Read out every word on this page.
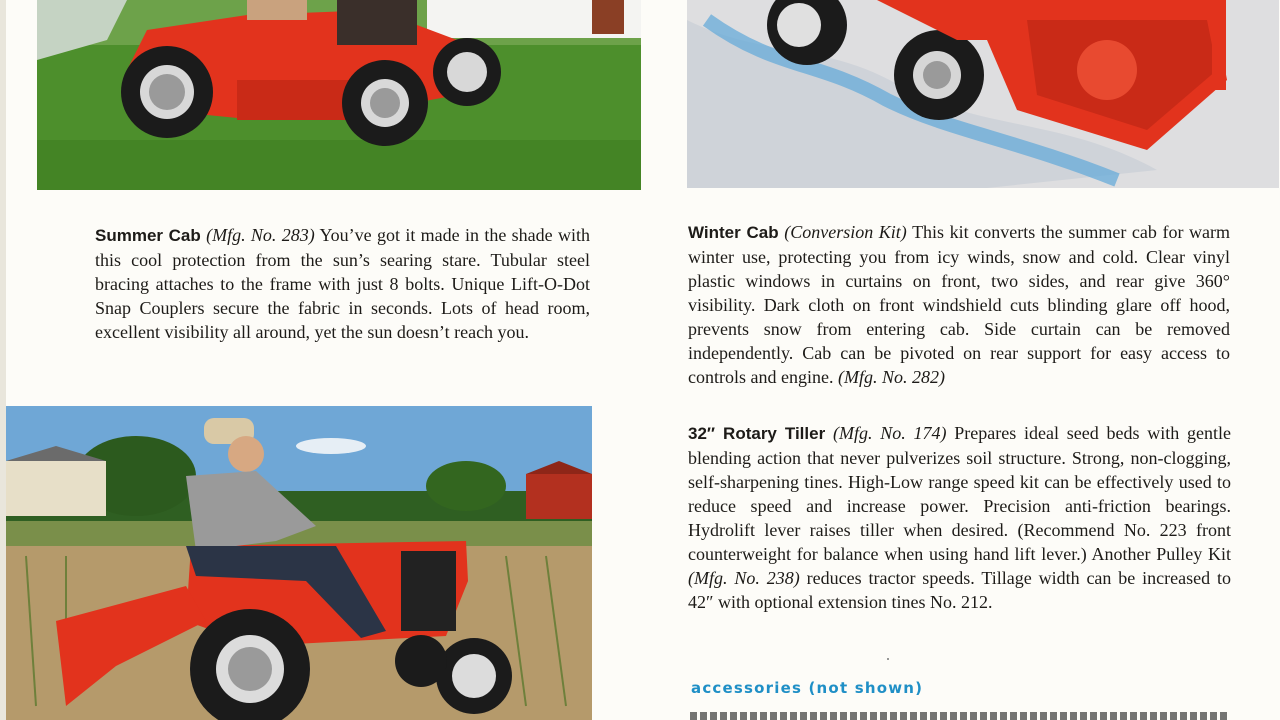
Summer Cab (Mfg. No. 283) You’ve got it made in the shade with this cool protection from the sun’s searing stare. Tubular steel bracing attaches to the frame with just 8 bolts. Unique Lift-O-Dot Snap Couplers secure the fabric in seconds. Lots of head room, excellent visibility all around, yet the sun doesn’t reach you.

Winter Cab (Conversion Kit) This kit converts the summer cab for warm winter use, protecting you from icy winds, snow and cold. Clear vinyl plastic windows in curtains on front, two sides, and rear give 360° visibility. Dark cloth on front windshield cuts blinding glare off hood, prevents snow from entering cab. Side curtain can be removed independently. Cab can be pivoted on rear support for easy access to controls and engine. (Mfg. No. 282)

32″ Rotary Tiller (Mfg. No. 174) Prepares ideal seed beds with gentle blending action that never pulverizes soil structure. Strong, non-clogging, self-sharpening tines. High-Low range speed kit can be effectively used to reduce speed and increase power. Precision anti-friction bearings. Hydrolift lever raises tiller when desired. (Recommend No. 223 front counterweight for balance when using hand lift lever.) Another Pulley Kit (Mfg. No. 238) reduces tractor speeds. Tillage width can be increased to 42″ with optional extension tines No. 212.

accessories (not shown)
